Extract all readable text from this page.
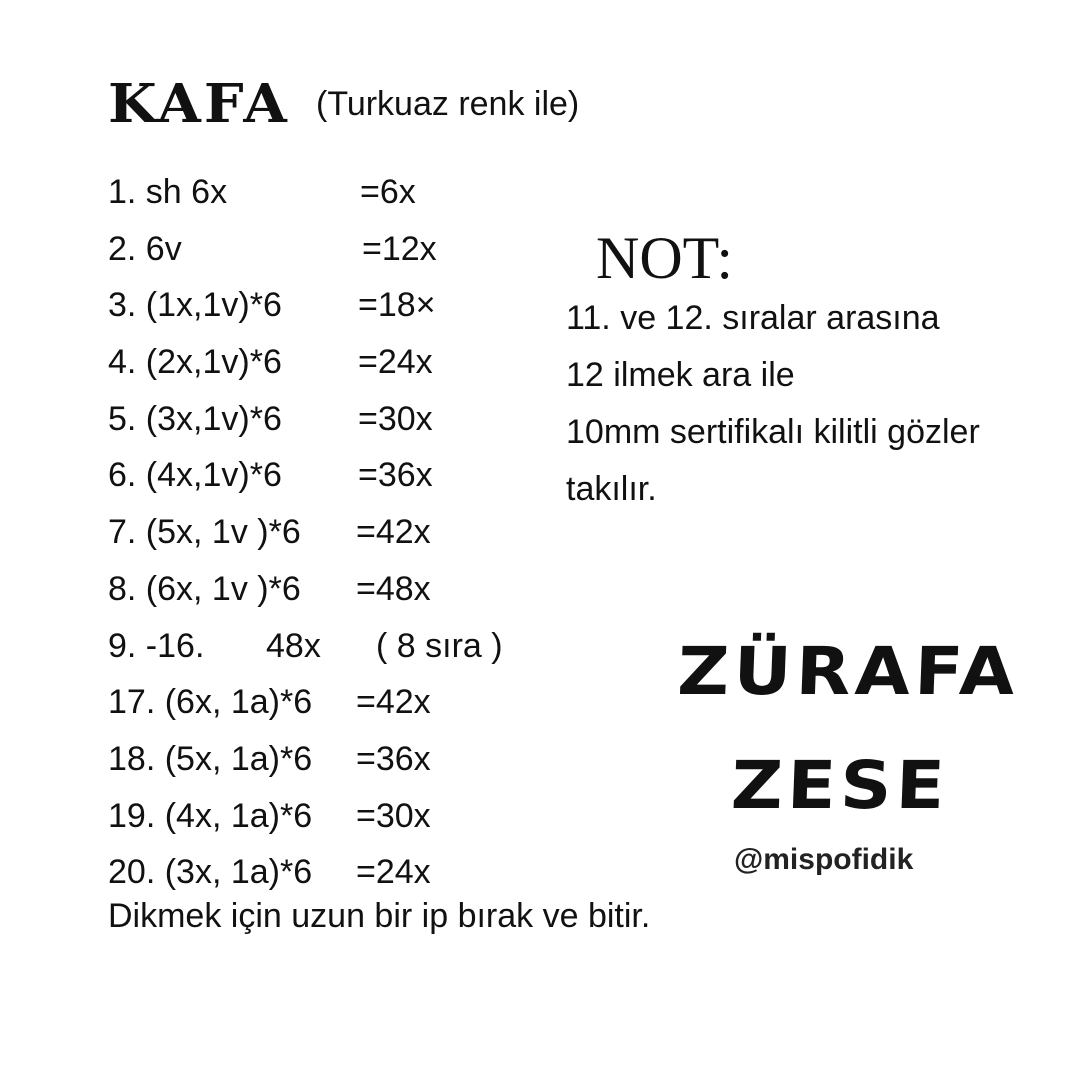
KAFA (Turkuaz renk ile)
1. sh 6x	=6x
2. 6v	=12x
3. (1x,1v)*6 =18×
4. (2x,1v)*6 =24x
5. (3x,1v)*6 =30x
6. (4x,1v)*6 =36x
7. (5x, 1v )*6 =42x
8. (6x, 1v )*6 =48x
9. -16. 48x ( 8 sıra )
17. (6x, 1a)*6 =42x
18. (5x, 1a)*6 =36x
19. (4x, 1a)*6 =30x
20. (3x, 1a)*6 =24x
Dikmek için uzun bir ip bırak ve bitir.
NOT:
11. ve 12. sıralar arasına
12 ilmek ara ile
10mm sertifikalı kilitli gözler
takılır.
ZÜRAFA
ZESE
@mispofidik
